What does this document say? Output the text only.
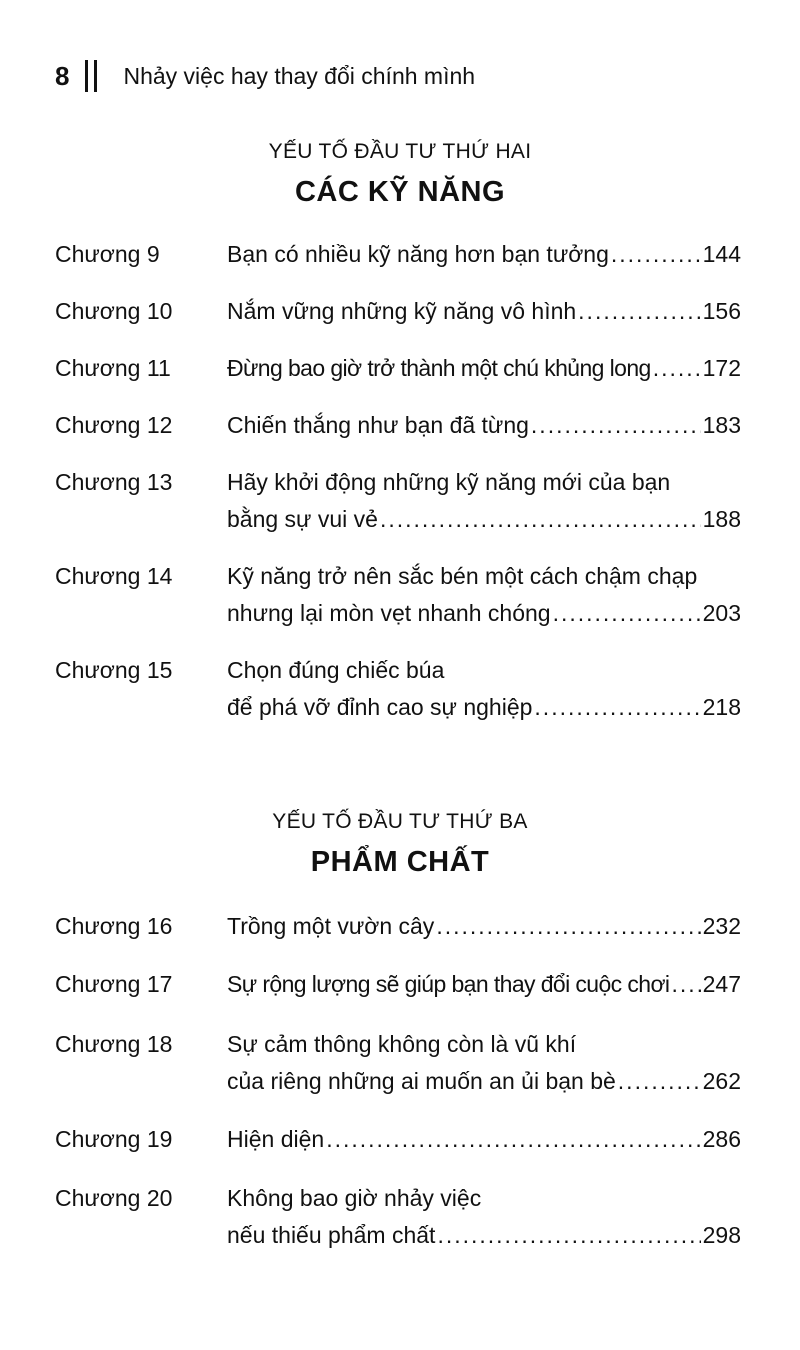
8 Nhảy việc hay thay đổi chính mình
YẾU TỐ ĐẦU TƯ THỨ HAI
CÁC KỸ NĂNG
Chương 9	Bạn có nhiều kỹ năng hơn bạn tưởng .....	144
Chương 10 Nắm vững những kỹ năng vô hình .....	156
Chương 11 Đừng bao giờ trở thành một chú khủng long ..... 172
Chương 12 Chiến thắng như bạn đã từng .....	183
Chương 13 Hãy khởi động những kỹ năng mới của bạn
bằng sự vui vẻ .....	188
Chương 14 Kỹ năng trở nên sắc bén một cách chậm chạp
nhưng lại mòn vẹt nhanh chóng .....	203
Chương 15 Chọn đúng chiếc búa
để phá vỡ đỉnh cao sự nghiệp .....	218
YẾU TỐ ĐẦU TƯ THỨ BA
PHẨM CHẤT
Chương 16 Trồng một vườn cây .....	232
Chương 17 Sự rộng lượng sẽ giúp bạn thay đổi cuộc chơi ..... 247
Chương 18 Sự cảm thông không còn là vũ khí
của riêng những ai muốn an ủi bạn bè .....	262
Chương 19 Hiện diện .....	286
Chương 20 Không bao giờ nhảy việc
nếu thiếu phẩm chất .....	298
